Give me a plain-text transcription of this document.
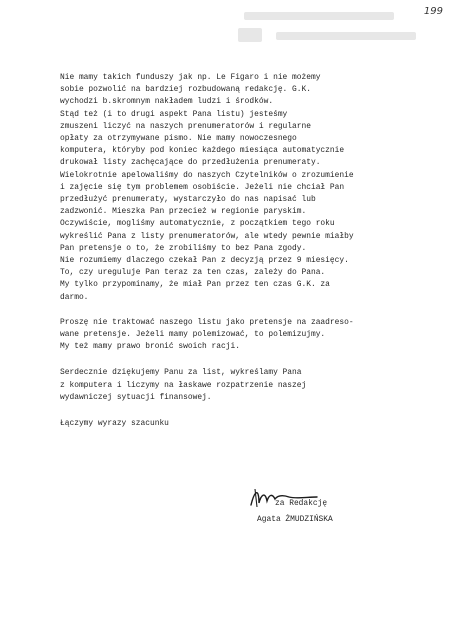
199
Nie mamy takich funduszy jak np. Le Figaro i nie możemy
sobie pozwolić na bardziej rozbudowaną redakcję. G.K.
wychodzi b.skromnym nakładem ludzi i środków.
Stąd też (i to drugi aspekt Pana listu) jesteśmy
zmuszeni liczyć na naszych prenumeratorów i regularne
opłaty za otrzymywane pismo. Nie mamy nowoczesnego
komputera, któryby pod koniec każdego miesiąca automatycznie
drukował listy zachęcające do przedłużenia prenumeraty.
Wielokrotnie apelowaliśmy do naszych Czytelników o zrozumienie
i zajęcie się tym problemem osobiście. Jeżeli nie chciał Pan
przedłużyć prenumeraty, wystarczyło do nas napisać lub
zadzwonić. Mieszka Pan przecież w regionie paryskim.
Oczywiście, mogliśmy automatycznie, z początkiem tego roku
wykreślić Pana z listy prenumeratorów, ale wtedy pewnie miałby
Pan pretensje o to, że zrobiliśmy to bez Pana zgody.
Nie rozumiemy dlaczego czekał Pan z decyzją przez 9 miesięcy.
To, czy ureguluje Pan teraz za ten czas, zależy do Pana.
My tylko przypominamy, że miał Pan przez ten czas G.K. za
darmo.
Proszę nie traktować naszego listu jako pretensje na zaadreso-
wane pretensje. Jeżeli mamy polemizować, to polemizujmy.
My też mamy prawo bronić swoich racji.
Serdecznie dziękujemy Panu za list, wykreślamy Pana
z komputera i liczymy na łaskawe rozpatrzenie naszej
wydawniczej sytuacji finansowej.
Łączymy wyrazy szacunku
za Redakcję
Agata ŻMUDZIŃSKA
